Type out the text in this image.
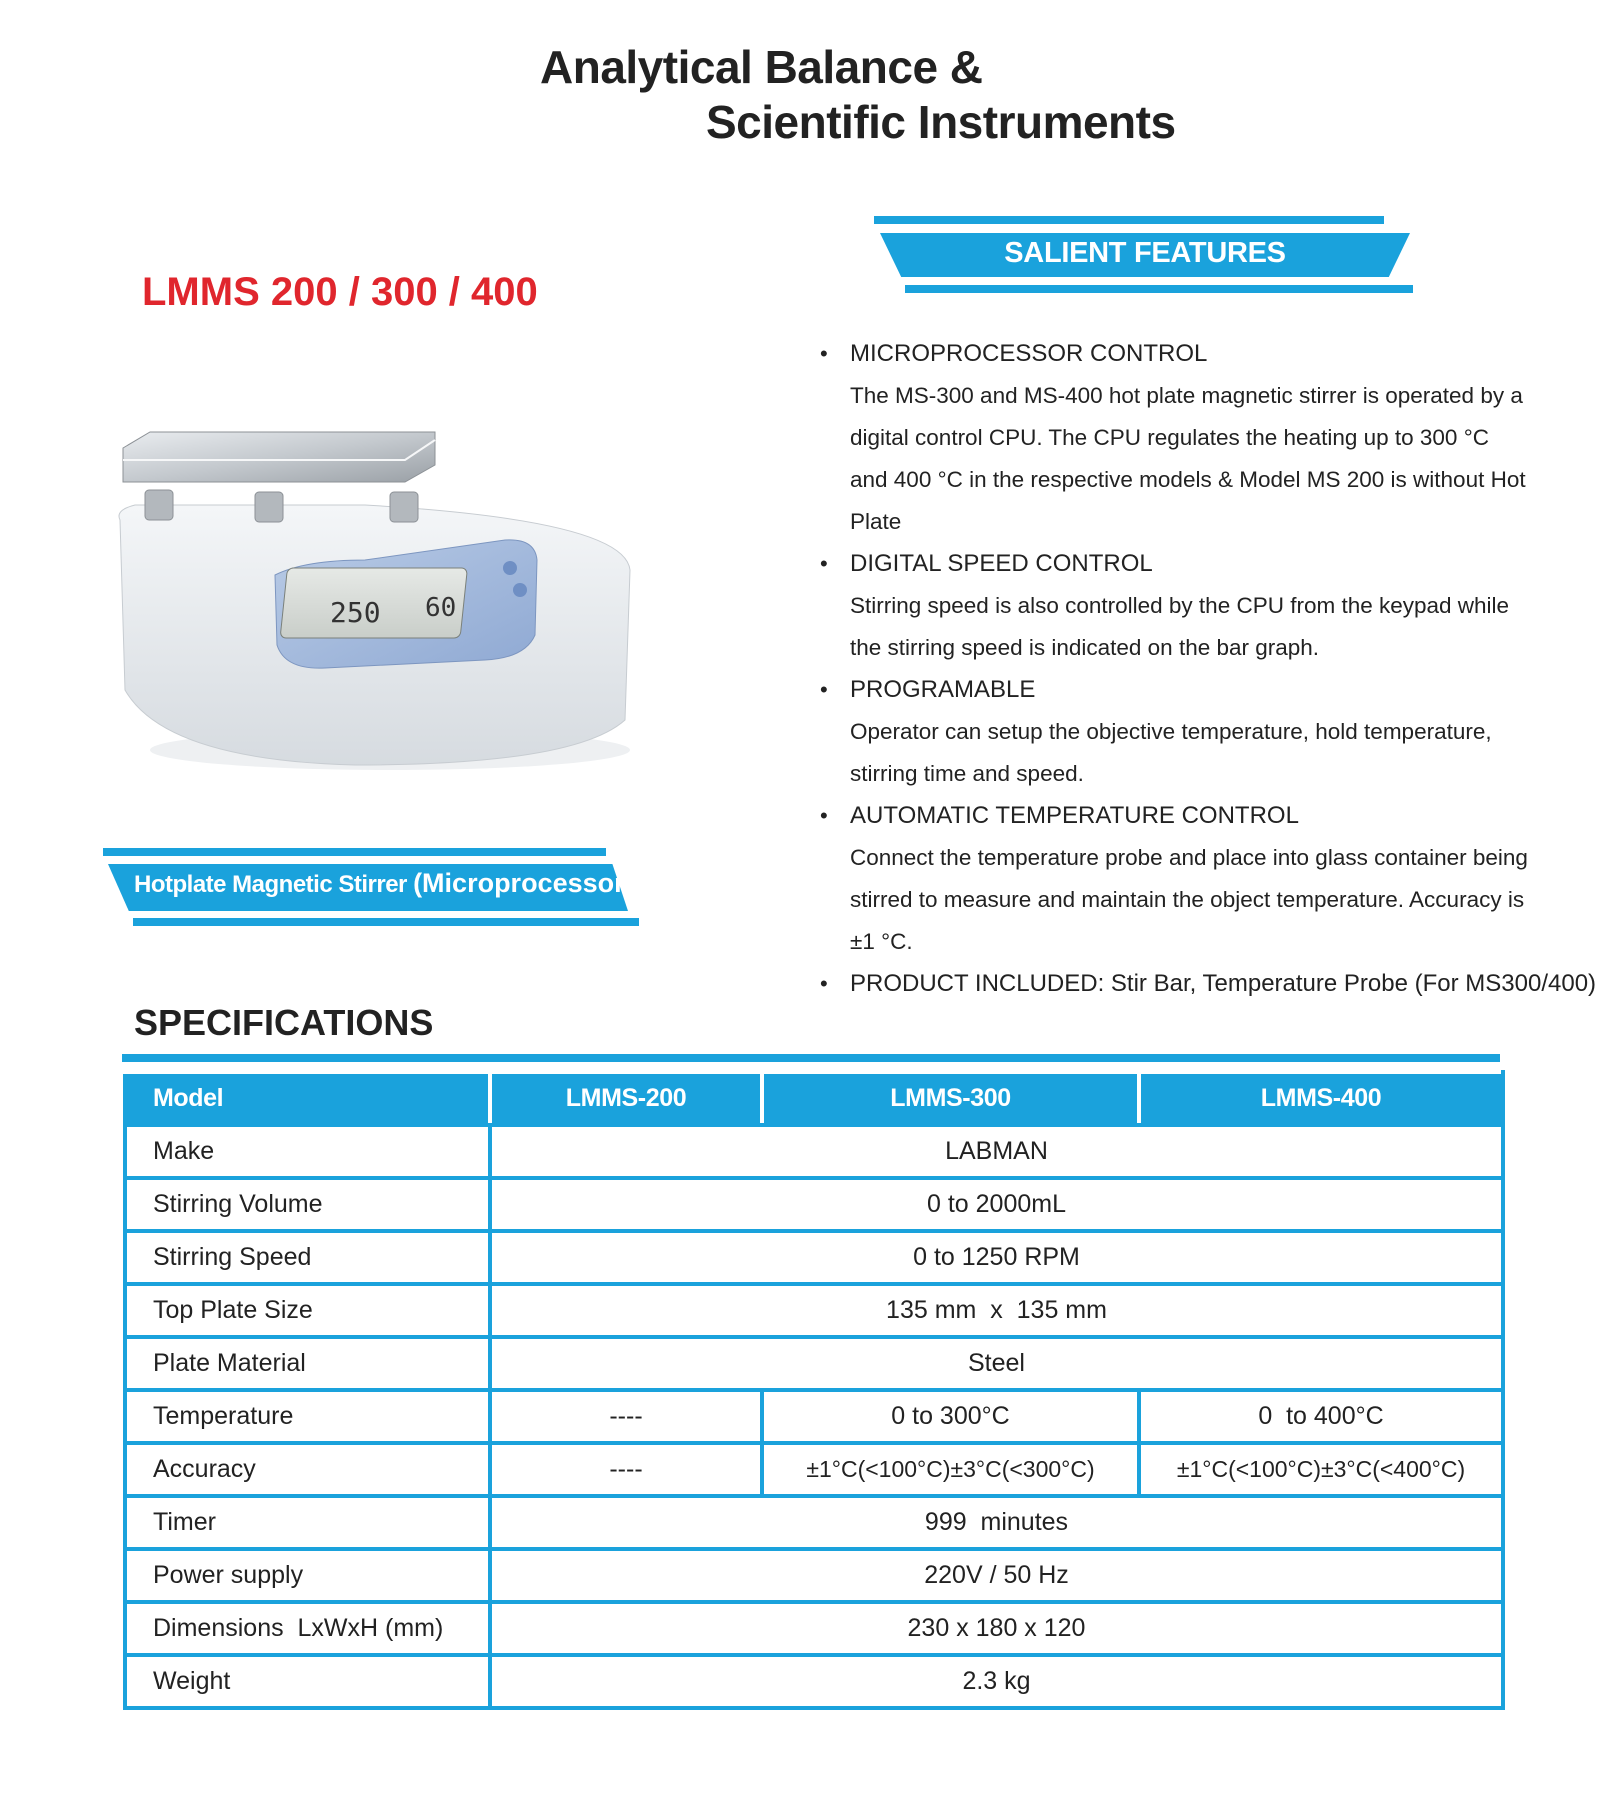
Analytical Balance &
Scientific Instruments
LMMS 200 / 300 / 400
SALIENT FEATURES
• MICROPROCESSOR CONTROL
The MS-300 and MS-400 hot plate magnetic stirrer is operated by a digital control CPU. The CPU regulates the heating up to 300 °C and 400 °C in the respective models & Model MS 200 is without Hot Plate
• DIGITAL SPEED CONTROL
Stirring speed is also controlled by the CPU from the keypad while the stirring speed is indicated on the bar graph.
• PROGRAMABLE
Operator can setup the objective temperature, hold temperature, stirring time and speed.
• AUTOMATIC TEMPERATURE CONTROL
Connect the temperature probe and place into glass container being stirred to measure and maintain the object temperature. Accuracy is ±1 °C.
• PRODUCT INCLUDED: Stir Bar, Temperature Probe (For MS300/400)
250 60
Hotplate Magnetic Stirrer (Microprocessor)
SPECIFICATIONS
Model	LMMS-200	LMMS-300	LMMS-400
Make	LABMAN		
Stirring Volume	0 to 2000mL		
Stirring Speed	0 to 1250 RPM		
Top Plate Size	135 mm  x  135 mm		
Plate Material	Steel		
Temperature	----	0 to 300°C	0  to 400°C
Accuracy	----	±1°C(<100°C)±3°C(<300°C)	±1°C(<100°C)±3°C(<400°C)
Timer	999  minutes		
Power supply	220V / 50 Hz		
Dimensions  LxWxH (mm)	230 x 180 x 120		
Weight	2.3 kg		
